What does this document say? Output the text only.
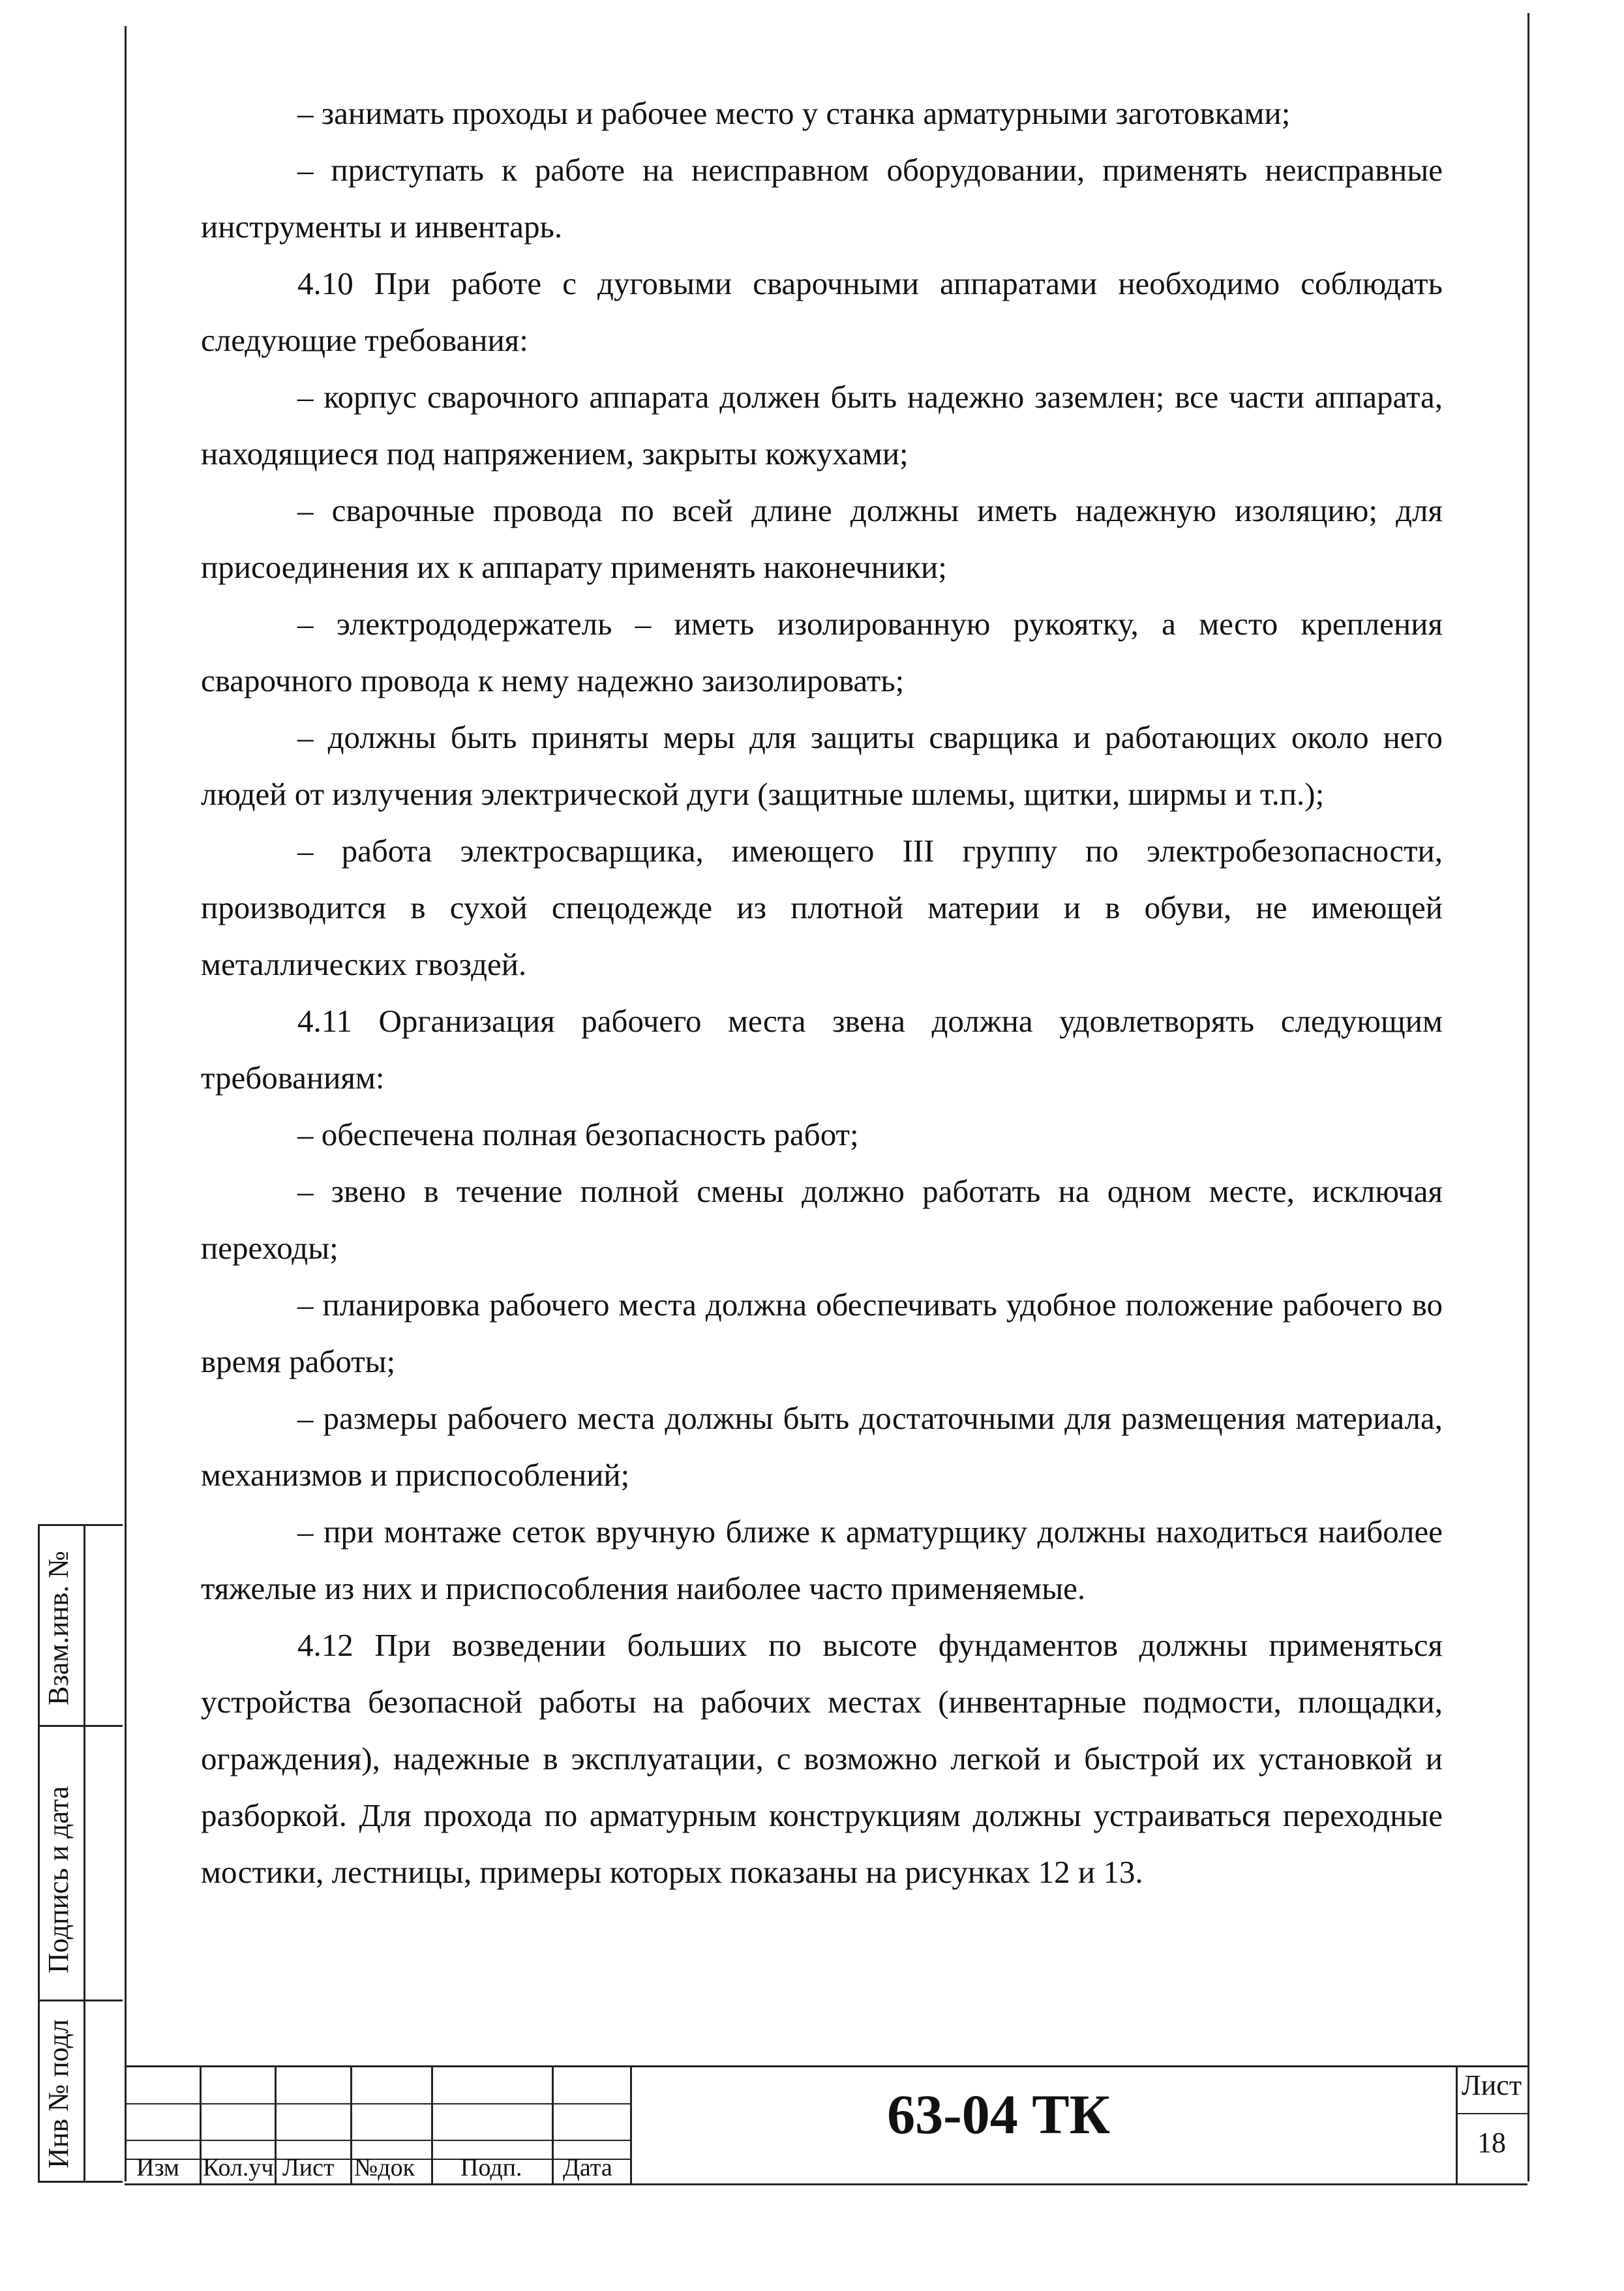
– занимать проходы и рабочее место у станка арматурными заготовками;

– приступать к работе на неисправном оборудовании, применять неисправные инструменты и инвентарь.

4.10 При работе с дуговыми сварочными аппаратами необходимо соблюдать следующие требования:

– корпус сварочного аппарата должен быть надежно заземлен; все части аппарата, находящиеся под напряжением, закрыты кожухами;

– сварочные провода по всей длине должны иметь надежную изоляцию; для присоединения их к аппарату применять наконечники;

– электрододержатель – иметь изолированную рукоятку, а место крепления сварочного провода к нему надежно заизолировать;

– должны быть приняты меры для защиты сварщика и работающих около него людей от излучения электрической дуги (защитные шлемы, щитки, ширмы и т.п.);

– работа электросварщика, имеющего III группу по электробезопасности, производится в сухой спецодежде из плотной материи и в обуви, не имеющей металлических гвоздей.

4.11 Организация рабочего места звена должна удовлетворять следующим требованиям:

– обеспечена полная безопасность работ;

– звено в течение полной смены должно работать на одном месте, исключая переходы;

– планировка рабочего места должна обеспечивать удобное положение рабочего во время работы;

– размеры рабочего места должны быть достаточными для размещения материала, механизмов и приспособлений;

– при монтаже сеток вручную ближе к арматурщику должны находиться наиболее тяжелые из них и приспособления наиболее часто применяемые.

4.12 При возведении больших по высоте фундаментов должны применяться устройства безопасной работы на рабочих местах (инвентарные подмости, площадки, ограждения), надежные в эксплуатации, с возможно легкой и быстрой их установкой и разборкой. Для прохода по арматурным конструкциям должны устраиваться переходные мостики, лестницы, примеры которых показаны на рисунках 12 и 13.

Взам.инв. №
Подпись и дата
Инв № подл	Изм Кол.уч Лист №док Подп. Дата
63-04 ТК	Лист
18
